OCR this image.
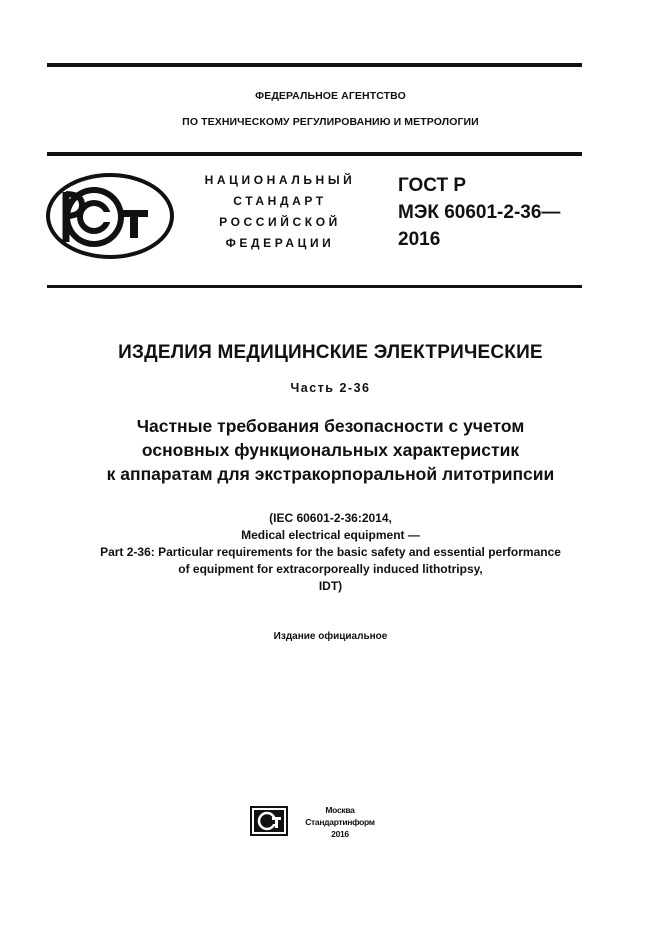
ФЕДЕРАЛЬНОЕ АГЕНТСТВО
ПО ТЕХНИЧЕСКОМУ РЕГУЛИРОВАНИЮ И МЕТРОЛОГИИ
НАЦИОНАЛЬНЫЙ
СТАНДАРТ
РОССИЙСКОЙ
ФЕДЕРАЦИИ
ГОСТ Р
МЭК 60601-2-36—
2016
ИЗДЕЛИЯ МЕДИЦИНСКИЕ ЭЛЕКТРИЧЕСКИЕ
Часть 2-36
Частные требования безопасности с учетом
основных функциональных характеристик
к аппаратам для экстракорпоральной литотрипсии
(IEC 60601-2-36:2014,
Medical electrical equipment —
Part 2-36: Particular requirements for the basic safety and essential performance
of equipment for extracorporeally induced lithotripsy,
IDT)
Издание официальное
Москва
Стандартинформ
2016
